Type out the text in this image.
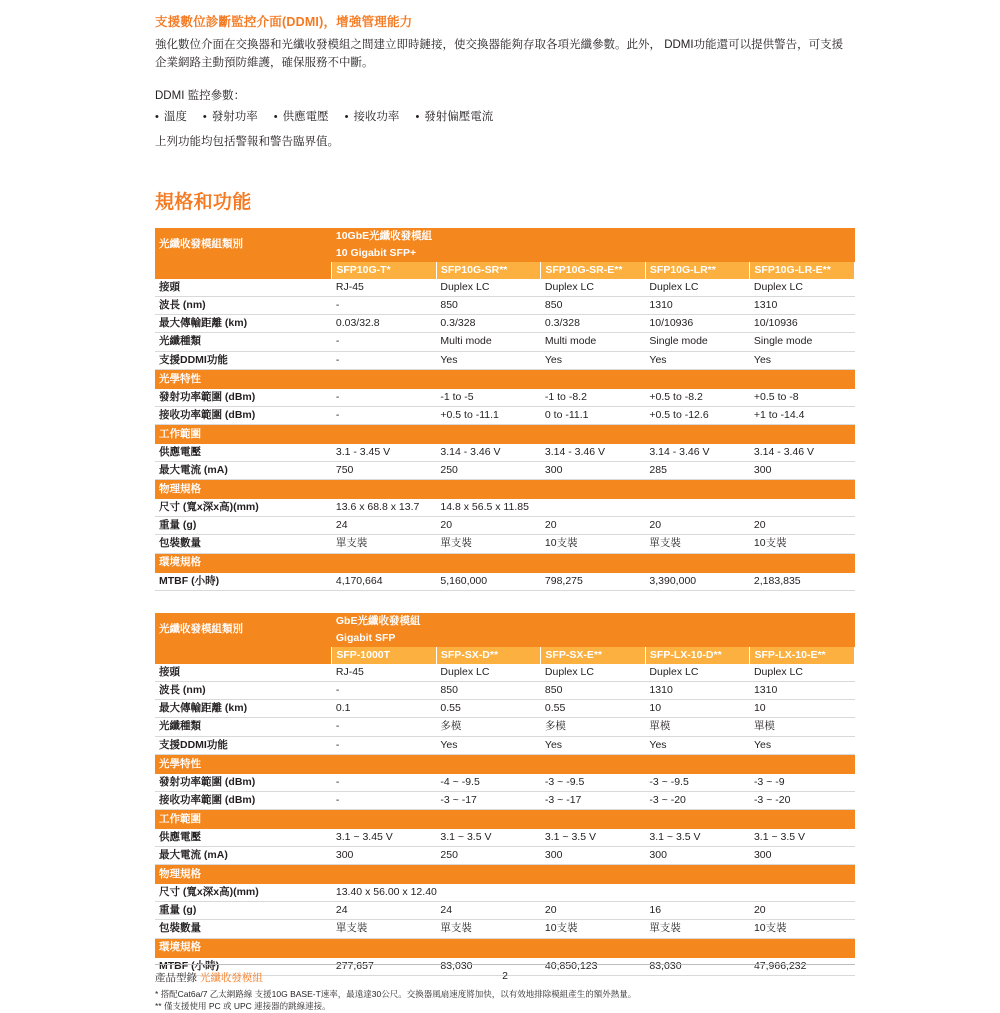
支援數位診斷監控介面(DDMI)，增強管理能力

強化數位介面在交換器和光纖收發模組之間建立即時鏈接，使交換器能夠存取各項光纖參數。此外， DDMI功能還可以提供警告，可支援企業網路主動預防維護，確保服務不中斷。

DDMI 監控參數：
• 溫度	• 發射功率	• 供應電壓	• 接收功率	• 發射偏壓電流
上列功能均包括警報和警告臨界值。
規格和功能
光纖收發模組類別	10GbE光纖收發模組				
	10 Gigabit SFP+				
	SFP10G-T*	SFP10G-SR**	SFP10G-SR-E**	SFP10G-LR**	SFP10G-LR-E**
接頭	RJ-45	Duplex LC	Duplex LC	Duplex LC	Duplex LC
波長 (nm)	-	850	850	1310	1310
最大傳輸距離 (km)	0.03/32.8	0.3/328	0.3/328	10/10936	10/10936
光纖種類	-	Multi mode	Multi mode	Single mode	Single mode
支援DDMI功能	-	Yes	Yes	Yes	Yes
光學特性					
發射功率範圍 (dBm)	-	-1 to -5	-1 to -8.2	+0.5 to -8.2	+0.5 to -8
接收功率範圍 (dBm)	-	+0.5 to -11.1	0 to -11.1	+0.5 to -12.6	+1 to -14.4
工作範圍					
供應電壓	3.1 - 3.45 V	3.14 - 3.46 V	3.14 - 3.46 V	3.14 - 3.46 V	3.14 - 3.46 V
最大電流 (mA)	750	250	300	285	300
物理規格					
尺寸 (寬x深x高)(mm)	13.6 x 68.8 x 13.7	14.8 x 56.5 x 11.85			
重量 (g)	24	20	20	20	20
包裝數量	單支裝	單支裝	10支裝	單支裝	10支裝
環境規格					
MTBF (小時)	4,170,664	5,160,000	798,275	3,390,000	2,183,835
光纖收發模組類別	GbE光纖收發模組				
	Gigabit SFP				
	SFP-1000T	SFP-SX-D**	SFP-SX-E**	SFP-LX-10-D**	SFP-LX-10-E**
接頭	RJ-45	Duplex LC	Duplex LC	Duplex LC	Duplex LC
波長 (nm)	-	850	850	1310	1310
最大傳輸距離 (km)	0.1	0.55	0.55	10	10
光纖種類	-	多模	多模	單模	單模
支援DDMI功能	-	Yes	Yes	Yes	Yes
光學特性					
發射功率範圍 (dBm)	-	-4 ~ -9.5	-3 ~ -9.5	-3 ~ -9.5	-3 ~ -9
接收功率範圍 (dBm)	-	-3 ~ -17	-3 ~ -17	-3 ~ -20	-3 ~ -20
工作範圍					
供應電壓	3.1 ~ 3.45 V	3.1 ~ 3.5 V	3.1 ~ 3.5 V	3.1 ~ 3.5 V	3.1 ~ 3.5 V
最大電流 (mA)	300	250	300	300	300
物理規格					
尺寸 (寬x深x高)(mm)	13.40 x 56.00 x 12.40				
重量 (g)	24	24	20	16	20
包裝數量	單支裝	單支裝	10支裝	單支裝	10支裝
環境規格					
MTBF (小時)	277,657	83,030	40,850,123	83,030	47,966,232
* 搭配Cat6a/7 乙太網路線 支援10G BASE-T速率，最遠達30公尺。交換器風扇速度將加快，以有效地排除模組產生的額外熱量。
** 僅支援使用 PC 或 UPC 連接器的跳線連接。
產品型錄 光纖收發模組	2
